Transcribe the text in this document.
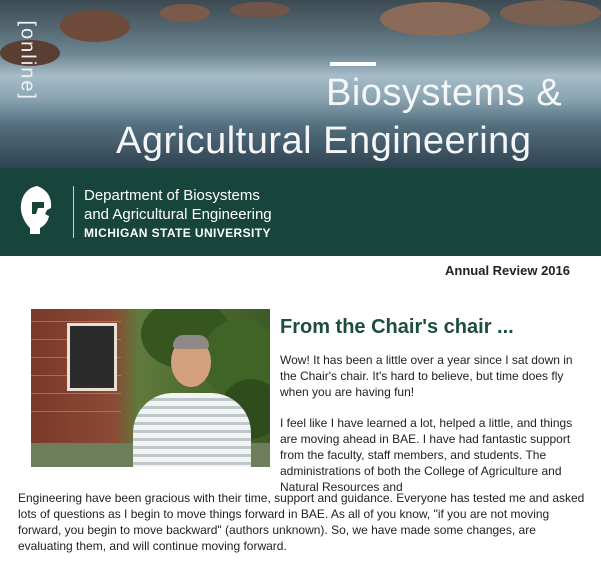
[online]	Biosystems &
Agricultural Engineering
Department of Biosystems
and Agricultural Engineering
MICHIGAN STATE UNIVERSITY
Annual Review 2016
From the Chair's chair ...
Wow! It has been a little over a year since I sat down in the Chair's chair. It's hard to believe, but time does fly when you are having fun!
I feel like I have learned a lot, helped a little, and things are moving ahead in BAE. I have had fantastic support from the faculty, staff members, and students. The administrations of both the College of Agriculture and Natural Resources and
Engineering have been gracious with their time, support and guidance. Everyone has tested me and asked lots of questions as I begin to move things forward in BAE. As all of you know, "if you are not moving forward, you begin to move backward" (authors unknown). So, we have made some changes, are evaluating them, and will continue moving forward.
